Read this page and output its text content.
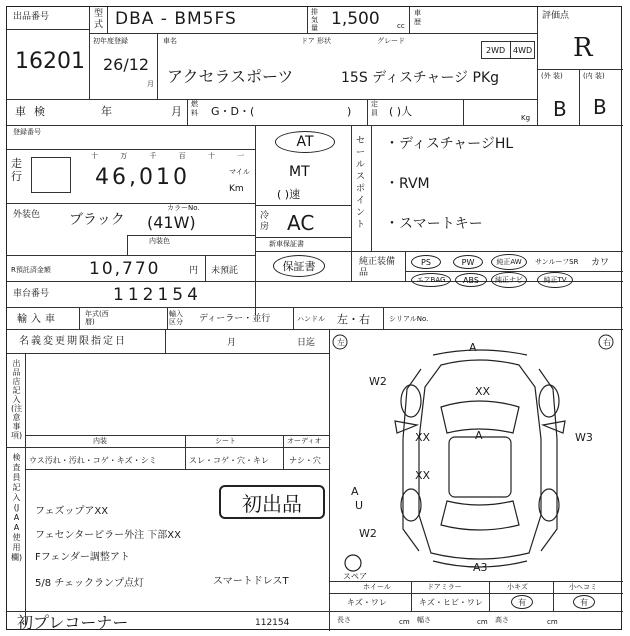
出品番号
16201
型式 DBA - BM5FS	排気量 1,500 cc
車歴
初年度登録
26/12
月
車名
アクセラスポーツ
ドア 形状	グレード
15S ディスチャージ PKg
2WD 4WD
評価点
R
(外 装)	(内 装)
B B
車検	年	月
燃料 G・D・(	)
定員 ( )人	Kg
登録番号
走行
十 万 千 百 十 一
46,010	マイル
Km
外装色 ブラック
カラーNo.
(41W)
内装色
R預託済金額 10,770	円 未預託
車台番号	112154
AT
MT
( )速
冷房 AC
新車保証書
保証書
セールスポイント
・ディスチャージHL
・RVM
・スマートキー
純正装備品
PS	PW	純正AW サンルーフSR カワ
エアBAG ABS 純正ナビ	純正TV
輸入車	年式(西暦)
輸入区分	ディーラー・並行	ハンドル 左・右	シリアルNo.
名義変更期限指定日	月	日迄
出品店記入(注意事項)
検査員記入(JAA使用欄)
内装	シート	オーディオ
ウス汚れ・汚れ・コゲ・キズ・シミ	スレ・コゲ・穴・キレ	ナシ・穴
フェズップアXX
フェセンターピラー外注 下部XX
Fフェンダー調整アト
5/8 チェックランプ点灯	スマートドレスT
初出品
左	右
スペア
A
W2
XX
XX
XX
A	W3
A
U
W2
A3
ホイール	ドアミラー	小キズ	小ヘコミ
キズ・ワレ	キズ・ヒビ・ワレ	有	有
初プレコーナー	112154	長さ	cm 幅さ	cm 高さ	cm
